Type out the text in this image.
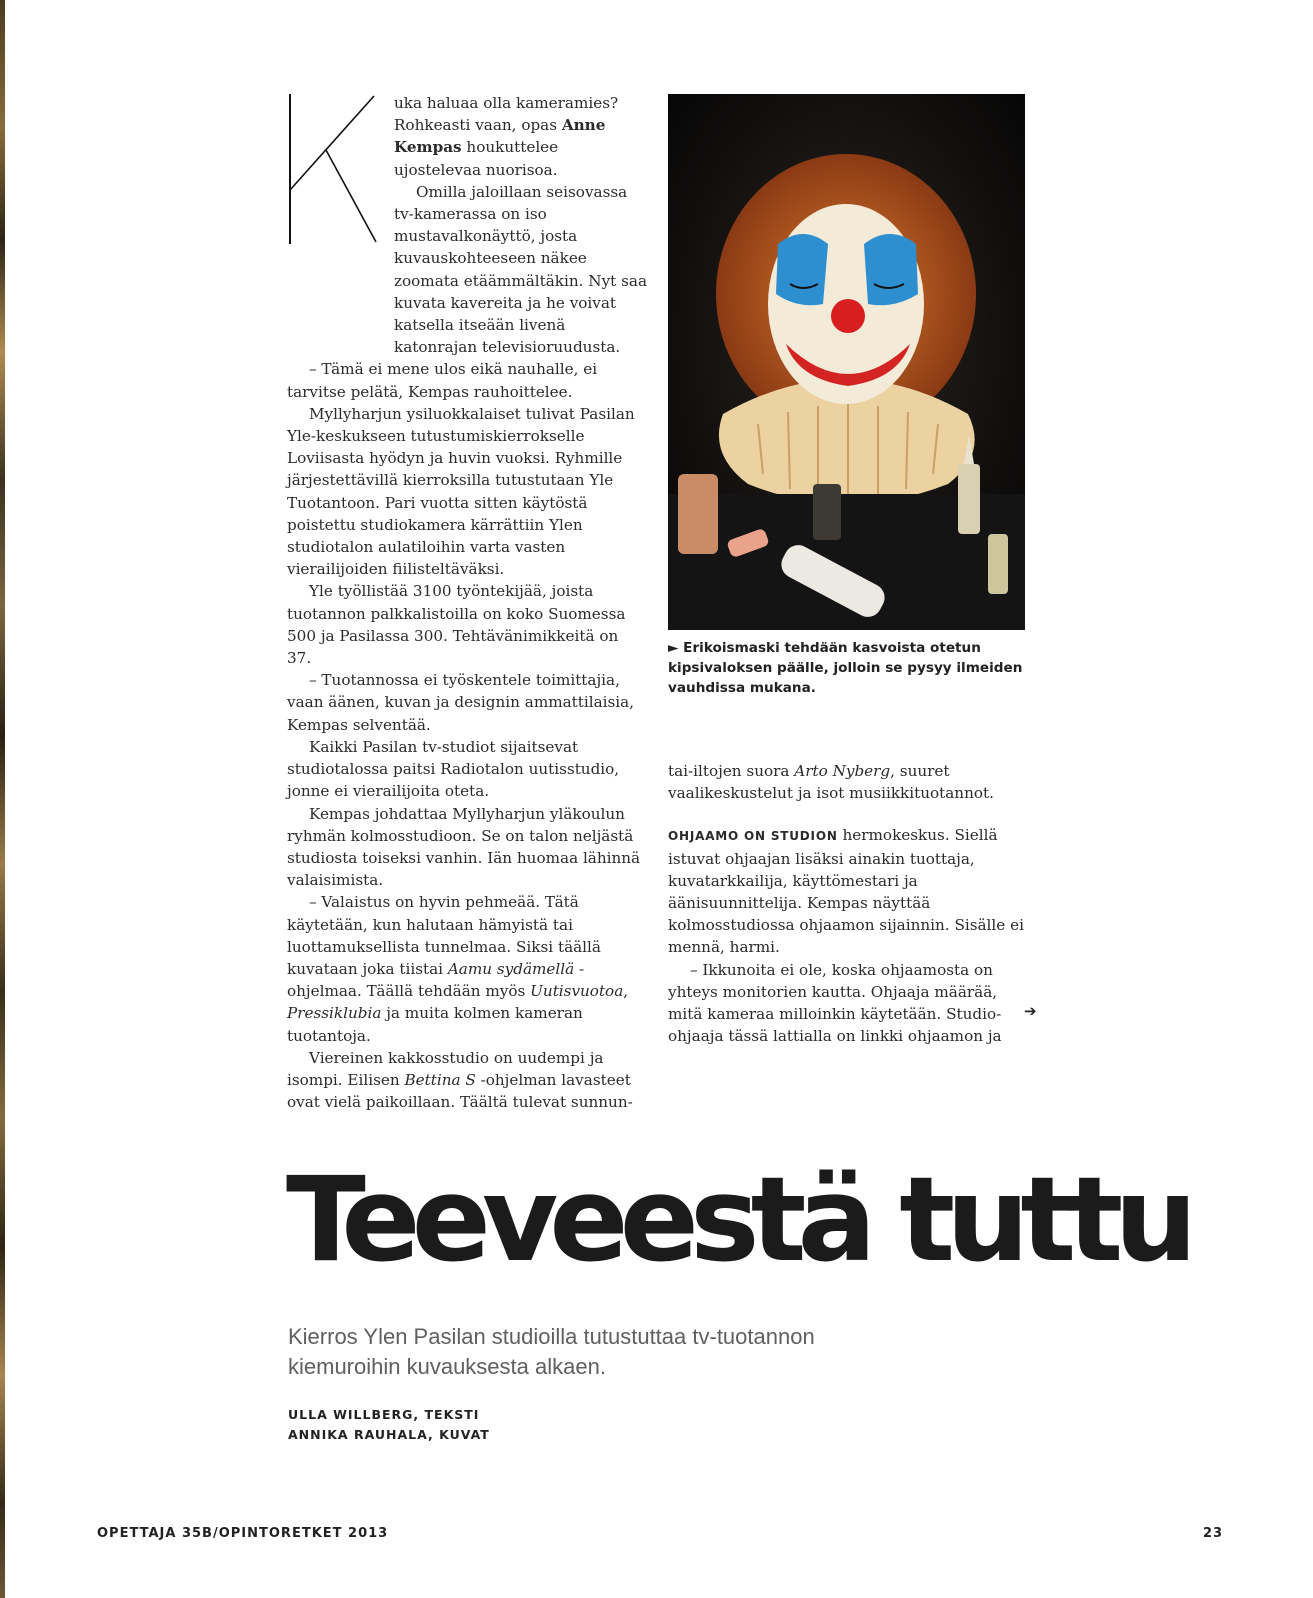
uka haluaa olla kameramies?
Rohkeasti vaan, opas Anne Kempas houkuttelee ujostelevaa nuorisoa.

Omilla jaloillaan seisovassa tv-kamerassa on iso mustavalkonäyttö, josta kuvauskohteeseen näkee zoomata etäämmältäkin. Nyt saa kuvata kavereita ja he voivat katsella itseään livenä katonrajan televisioruudusta.

– Tämä ei mene ulos eikä nauhalle, ei tarvitse pelätä, Kempas rauhoittelee.

Myllyharjun ysiluokkalaiset tulivat Pasilan Yle-keskukseen tutustumiskierrokselle Loviisasta hyödyn ja huvin vuoksi. Ryhmille järjestettävillä kierroksilla tutustutaan Yle Tuotantoon. Pari vuotta sitten käytöstä poistettu studiokamera kärrättiin Ylen studiotalon aulatiloihin varta vasten vierailijoiden fiilisteltäväksi.

Yle työllistää 3100 työntekijää, joista tuotannon palkkalistoilla on koko Suomessa 500 ja Pasilassa 300. Tehtävänimikkeitä on 37.

– Tuotannossa ei työskentele toimittajia, vaan äänen, kuvan ja designin ammattilaisia, Kempas selventää.

Kaikki Pasilan tv-studiot sijaitsevat studiotalossa paitsi Radiotalon uutisstudio, jonne ei vierailijoita oteta.

Kempas johdattaa Myllyharjun yläkoulun ryhmän kolmosstudioon. Se on talon neljästä studiosta toiseksi vanhin. Iän huomaa lähinnä valaisimista.

– Valaistus on hyvin pehmeää. Tätä käytetään, kun halutaan hämyistä tai luottamuksellista tunnelmaa. Siksi täällä kuvataan joka tiistai Aamu sydämellä -ohjelmaa. Täällä tehdään myös Uutisvuotoa, Pressiklubia ja muita kolmen kameran tuotantoja.

Viereinen kakkosstudio on uudempi ja isompi. Eilisen Bettina S -ohjelman lavasteet ovat vielä paikoillaan. Täältä tulevat sunnun-

► Erikoismaski tehdään kasvoista otetun kipsivaloksen päälle, jolloin se pysyy ilmeiden vauhdissa mukana.

tai-iltojen suora Arto Nyberg, suuret vaalikeskustelut ja isot musiikkituotannot.

OHJAAMO ON STUDION hermokeskus. Siellä istuvat ohjaajan lisäksi ainakin tuottaja, kuvatarkkailija, käyttömestari ja äänisuunnittelija. Kempas näyttää kolmosstudiossa ohjaamon sijainnin. Sisälle ei mennä, harmi.

– Ikkunoita ei ole, koska ohjaamosta on yhteys monitorien kautta. Ohjaaja määrää, mitä kameraa milloinkin käytetään. Studio-ohjaaja tässä lattialla on linkki ohjaamon ja

➔
Teeveestä tuttu
Kierros Ylen Pasilan studioilla tutustuttaa tv-tuotannon kiemuroihin kuvauksesta alkaen.
ULLA WILLBERG, TEKSTI
ANNIKA RAUHALA, KUVAT
OPETTAJA 35B/OPINTORETKET 2013	23
